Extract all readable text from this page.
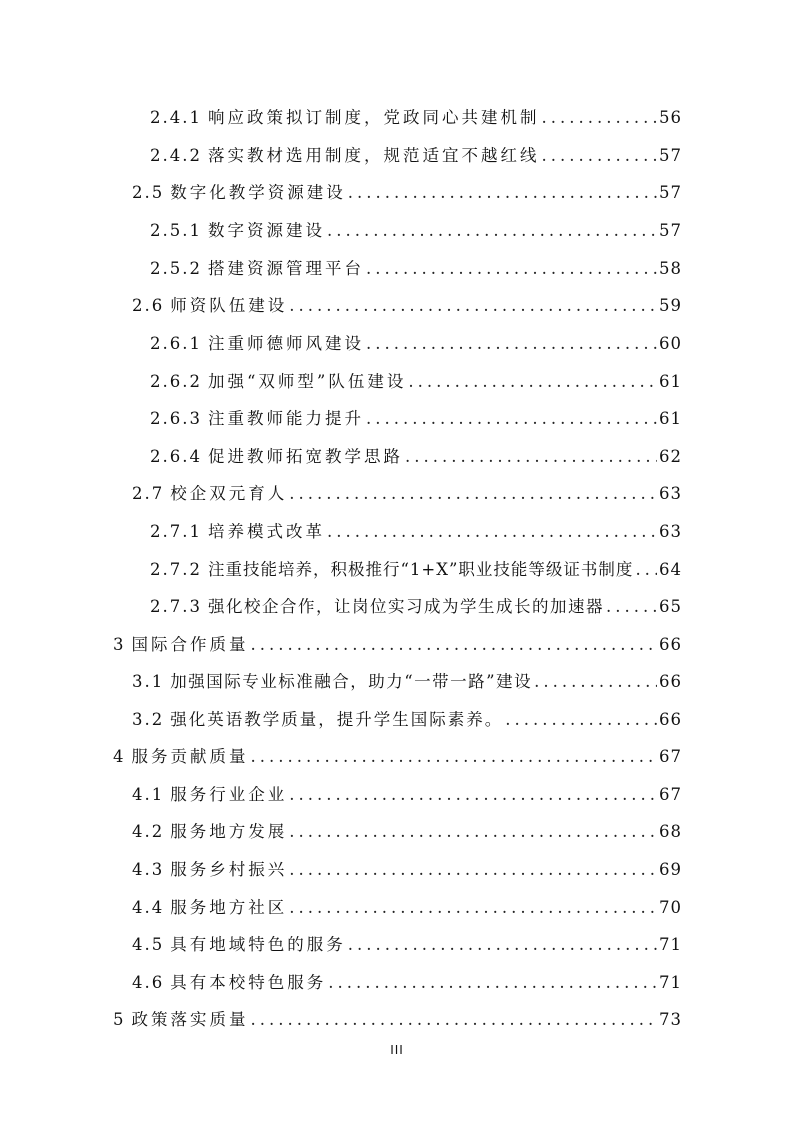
2.4.1 响应政策拟订制度，党政同心共建机制 .....	56
2.4.2 落实教材选用制度，规范适宜不越红线 .....	57
2.5 数字化教学资源建设 .....	57
2.5.1 数字资源建设 .....	57
2.5.2 搭建资源管理平台 .....	58
2.6 师资队伍建设 .....	59
2.6.1 注重师德师风建设 .....	60
2.6.2 加强“双师型”队伍建设 .....	61
2.6.3 注重教师能力提升 .....	61
2.6.4 促进教师拓宽教学思路 .....	62
2.7 校企双元育人 .....	63
2.7.1 培养模式改革 .....	63
2.7.2 注重技能培养，积极推行“1+X”职业技能等级证书制度 ..... 64
2.7.3 强化校企合作，让岗位实习成为学生成长的加速器 .....	65
3 国际合作质量 .....	66
3.1 加强国际专业标准融合，助力“一带一路”建设 .....	66
3.2 强化英语教学质量，提升学生国际素养。 .....	66
4 服务贡献质量 .....	67
4.1 服务行业企业 .....	67
4.2 服务地方发展 .....	68
4.3 服务乡村振兴 .....	69
4.4 服务地方社区 .....	70
4.5 具有地域特色的服务 .....	71
4.6 具有本校特色服务 .....	71
5 政策落实质量 .....	73
III
